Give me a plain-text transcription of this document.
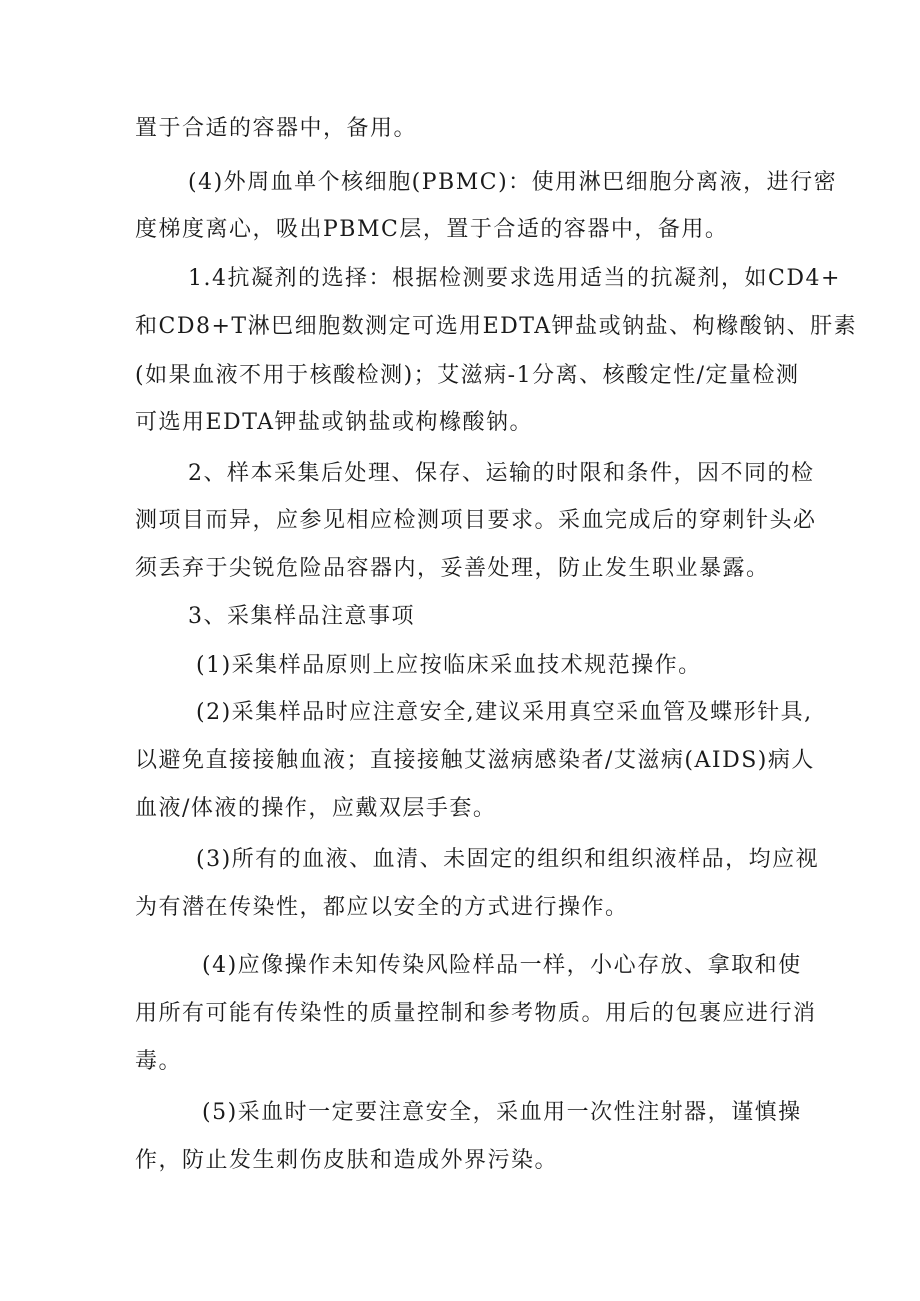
置于合适的容器中，备用。
(4)外周血单个核细胞(PBMC)：使用淋巴细胞分离液，进行密
度梯度离心，吸出PBMC层，置于合适的容器中，备用。
1.4抗凝剂的选择：根据检测要求选用适当的抗凝剂，如CD4+
和CD8+T淋巴细胞数测定可选用EDTA钾盐或钠盐、枸橼酸钠、肝素
(如果血液不用于核酸检测)；艾滋病-1分离、核酸定性/定量检测
可选用EDTA钾盐或钠盐或枸橼酸钠。
2、样本采集后处理、保存、运输的时限和条件，因不同的检
测项目而异，应参见相应检测项目要求。采血完成后的穿刺针头必
须丢弃于尖锐危险品容器内，妥善处理，防止发生职业暴露。
3、采集样品注意事项
(1)采集样品原则上应按临床采血技术规范操作。
(2)采集样品时应注意安全,建议采用真空采血管及蝶形针具,
以避免直接接触血液；直接接触艾滋病感染者/艾滋病(AIDS)病人
血液/体液的操作，应戴双层手套。
(3)所有的血液、血清、未固定的组织和组织液样品，均应视
为有潜在传染性，都应以安全的方式进行操作。
(4)应像操作未知传染风险样品一样，小心存放、拿取和使
用所有可能有传染性的质量控制和参考物质。用后的包裹应进行消
毒。
(5)采血时一定要注意安全，采血用一次性注射器，谨慎操
作，防止发生刺伤皮肤和造成外界污染。
